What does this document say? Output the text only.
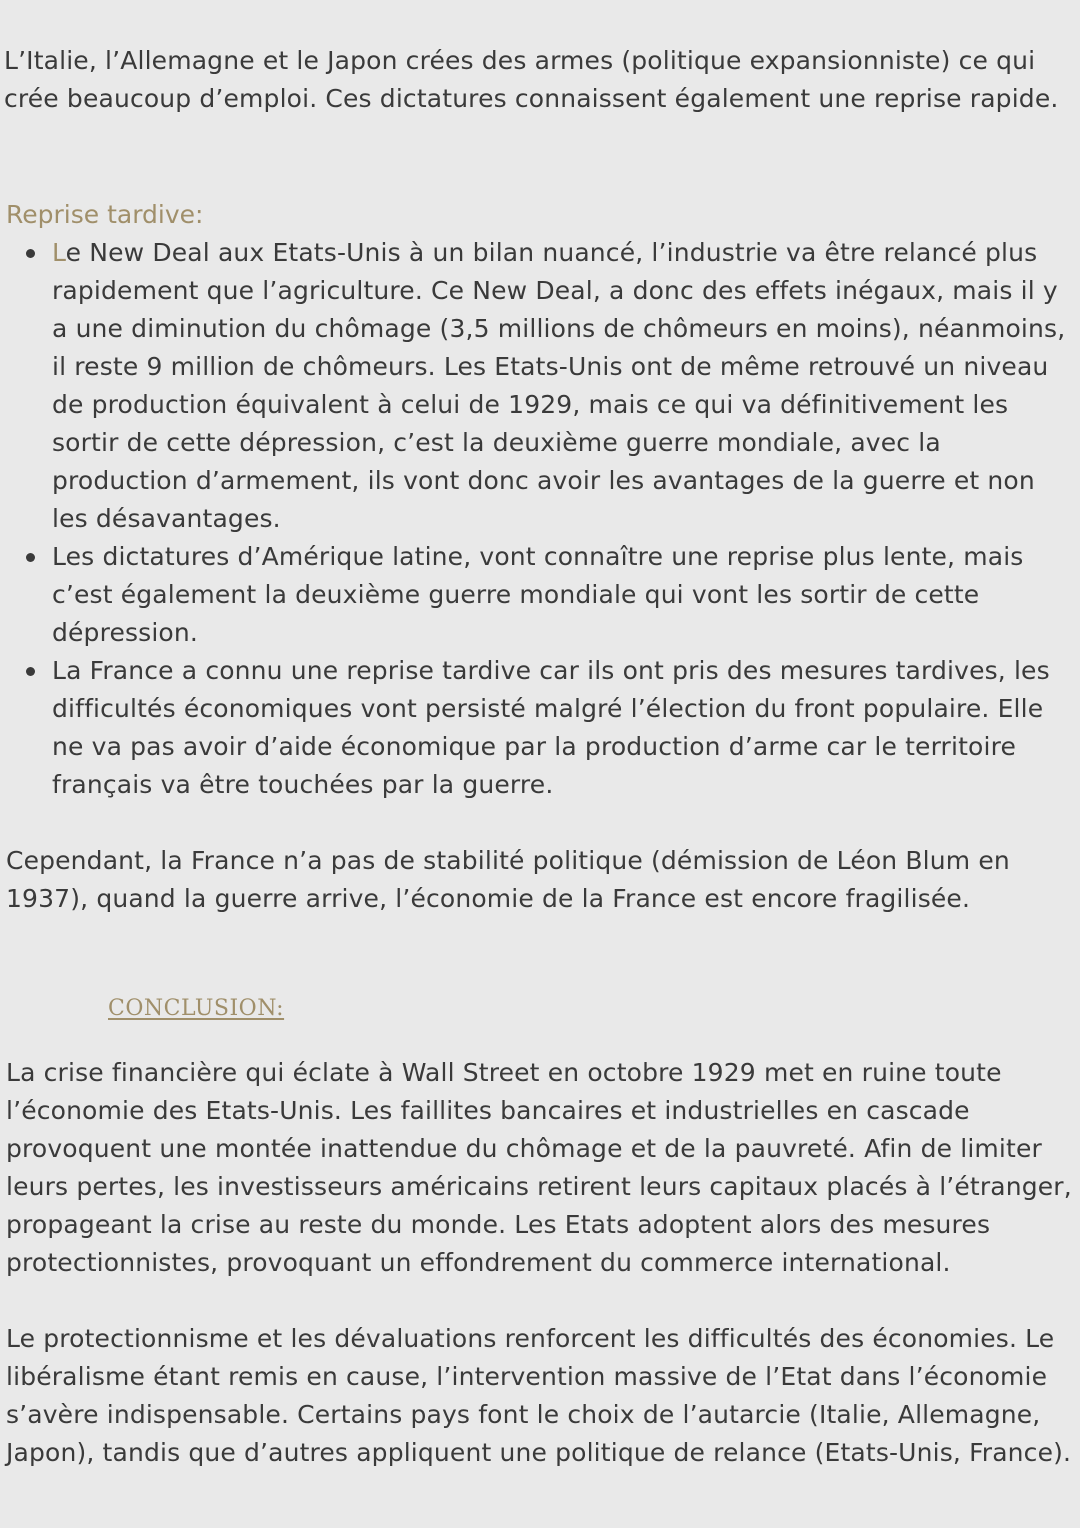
L’Italie, l’Allemagne et le Japon crées des armes (politique expansionniste) ce qui crée beaucoup d’emploi. Ces dictatures connaissent également une reprise rapide.

Reprise tardive:
Le New Deal aux Etats-Unis à un bilan nuancé, l’industrie va être relancé plus rapidement que l’agriculture. Ce New Deal, a donc des effets inégaux, mais il y a une diminution du chômage (3,5 millions de chômeurs en moins), néanmoins, il reste 9 million de chômeurs. Les Etats-Unis ont de même retrouvé un niveau de production équivalent à celui de 1929, mais ce qui va définitivement les sortir de cette dépression, c’est la deuxième guerre mondiale, avec la production d’armement, ils vont donc avoir les avantages de la guerre et non les désavantages.
Les dictatures d’Amérique latine, vont connaître une reprise plus lente, mais c’est également la deuxième guerre mondiale qui vont les sortir de cette dépression.
La France a connu une reprise tardive car ils ont pris des mesures tardives, les difficultés économiques vont persisté malgré l’élection du front populaire. Elle ne va pas avoir d’aide économique par la production d’arme car le territoire français va être touchées par la guerre.

Cependant, la France n’a pas de stabilité politique (démission de Léon Blum en 1937), quand la guerre arrive, l’économie de la France est encore fragilisée.

CONCLUSION:

La crise financière qui éclate à Wall Street en octobre 1929 met en ruine toute l’économie des Etats-Unis. Les faillites bancaires et industrielles en cascade provoquent une montée inattendue du chômage et de la pauvreté. Afin de limiter leurs pertes, les investisseurs américains retirent leurs capitaux placés à l’étranger, propageant la crise au reste du monde. Les Etats adoptent alors des mesures protectionnistes, provoquant un effondrement du commerce international.

Le protectionnisme et les dévaluations renforcent les difficultés des économies. Le libéralisme étant remis en cause, l’intervention massive de l’Etat dans l’économie s’avère indispensable. Certains pays font le choix de l’autarcie (Italie, Allemagne, Japon), tandis que d’autres appliquent une politique de relance (Etats-Unis, France).
